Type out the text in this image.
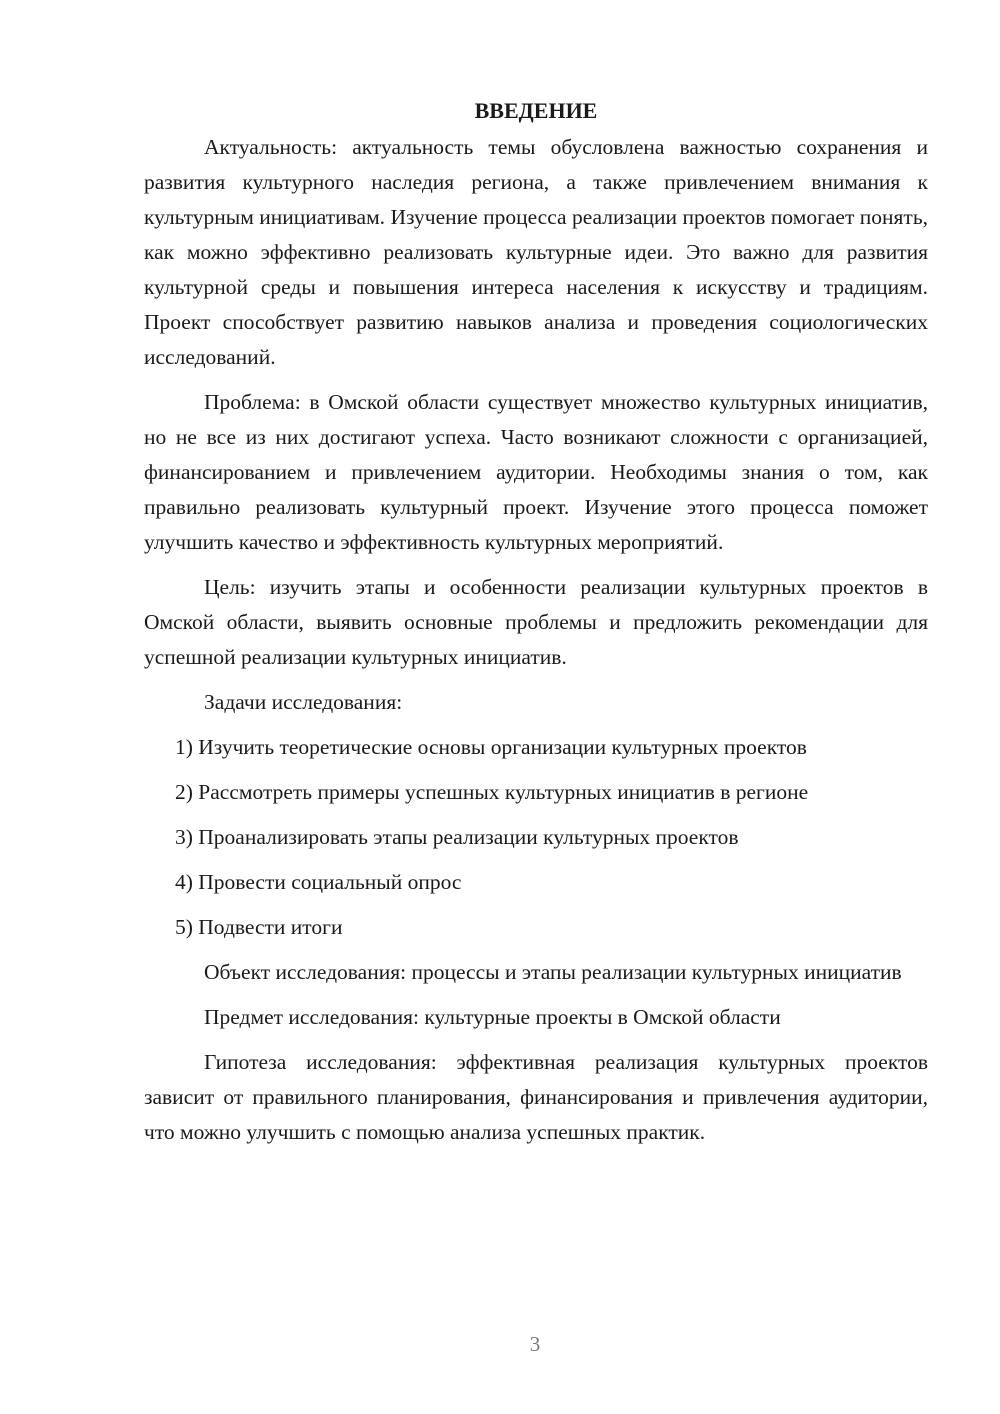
ВВЕДЕНИЕ

Актуальность: актуальность темы обусловлена важностью сохранения и развития культурного наследия региона, а также привлечением внимания к культурным инициативам. Изучение процесса реализации проектов помогает понять, как можно эффективно реализовать культурные идеи. Это важно для развития культурной среды и повышения интереса населения к искусству и традициям. Проект способствует развитию навыков анализа и проведения социологических исследований.

Проблема: в Омской области существует множество культурных инициатив, но не все из них достигают успеха. Часто возникают сложности с организацией, финансированием и привлечением аудитории. Необходимы знания о том, как правильно реализовать культурный проект. Изучение этого процесса поможет улучшить качество и эффективность культурных мероприятий.

Цель: изучить этапы и особенности реализации культурных проектов в Омской области, выявить основные проблемы и предложить рекомендации для успешной реализации культурных инициатив.

Задачи исследования:

1) Изучить теоретические основы организации культурных проектов
2) Рассмотреть примеры успешных культурных инициатив в регионе
3) Проанализировать этапы реализации культурных проектов
4) Провести социальный опрос
5) Подвести итоги

Объект исследования: процессы и этапы реализации культурных инициатив

Предмет исследования: культурные проекты в Омской области

Гипотеза исследования: эффективная реализация культурных проектов зависит от правильного планирования, финансирования и привлечения аудитории, что можно улучшить с помощью анализа успешных практик.

3
